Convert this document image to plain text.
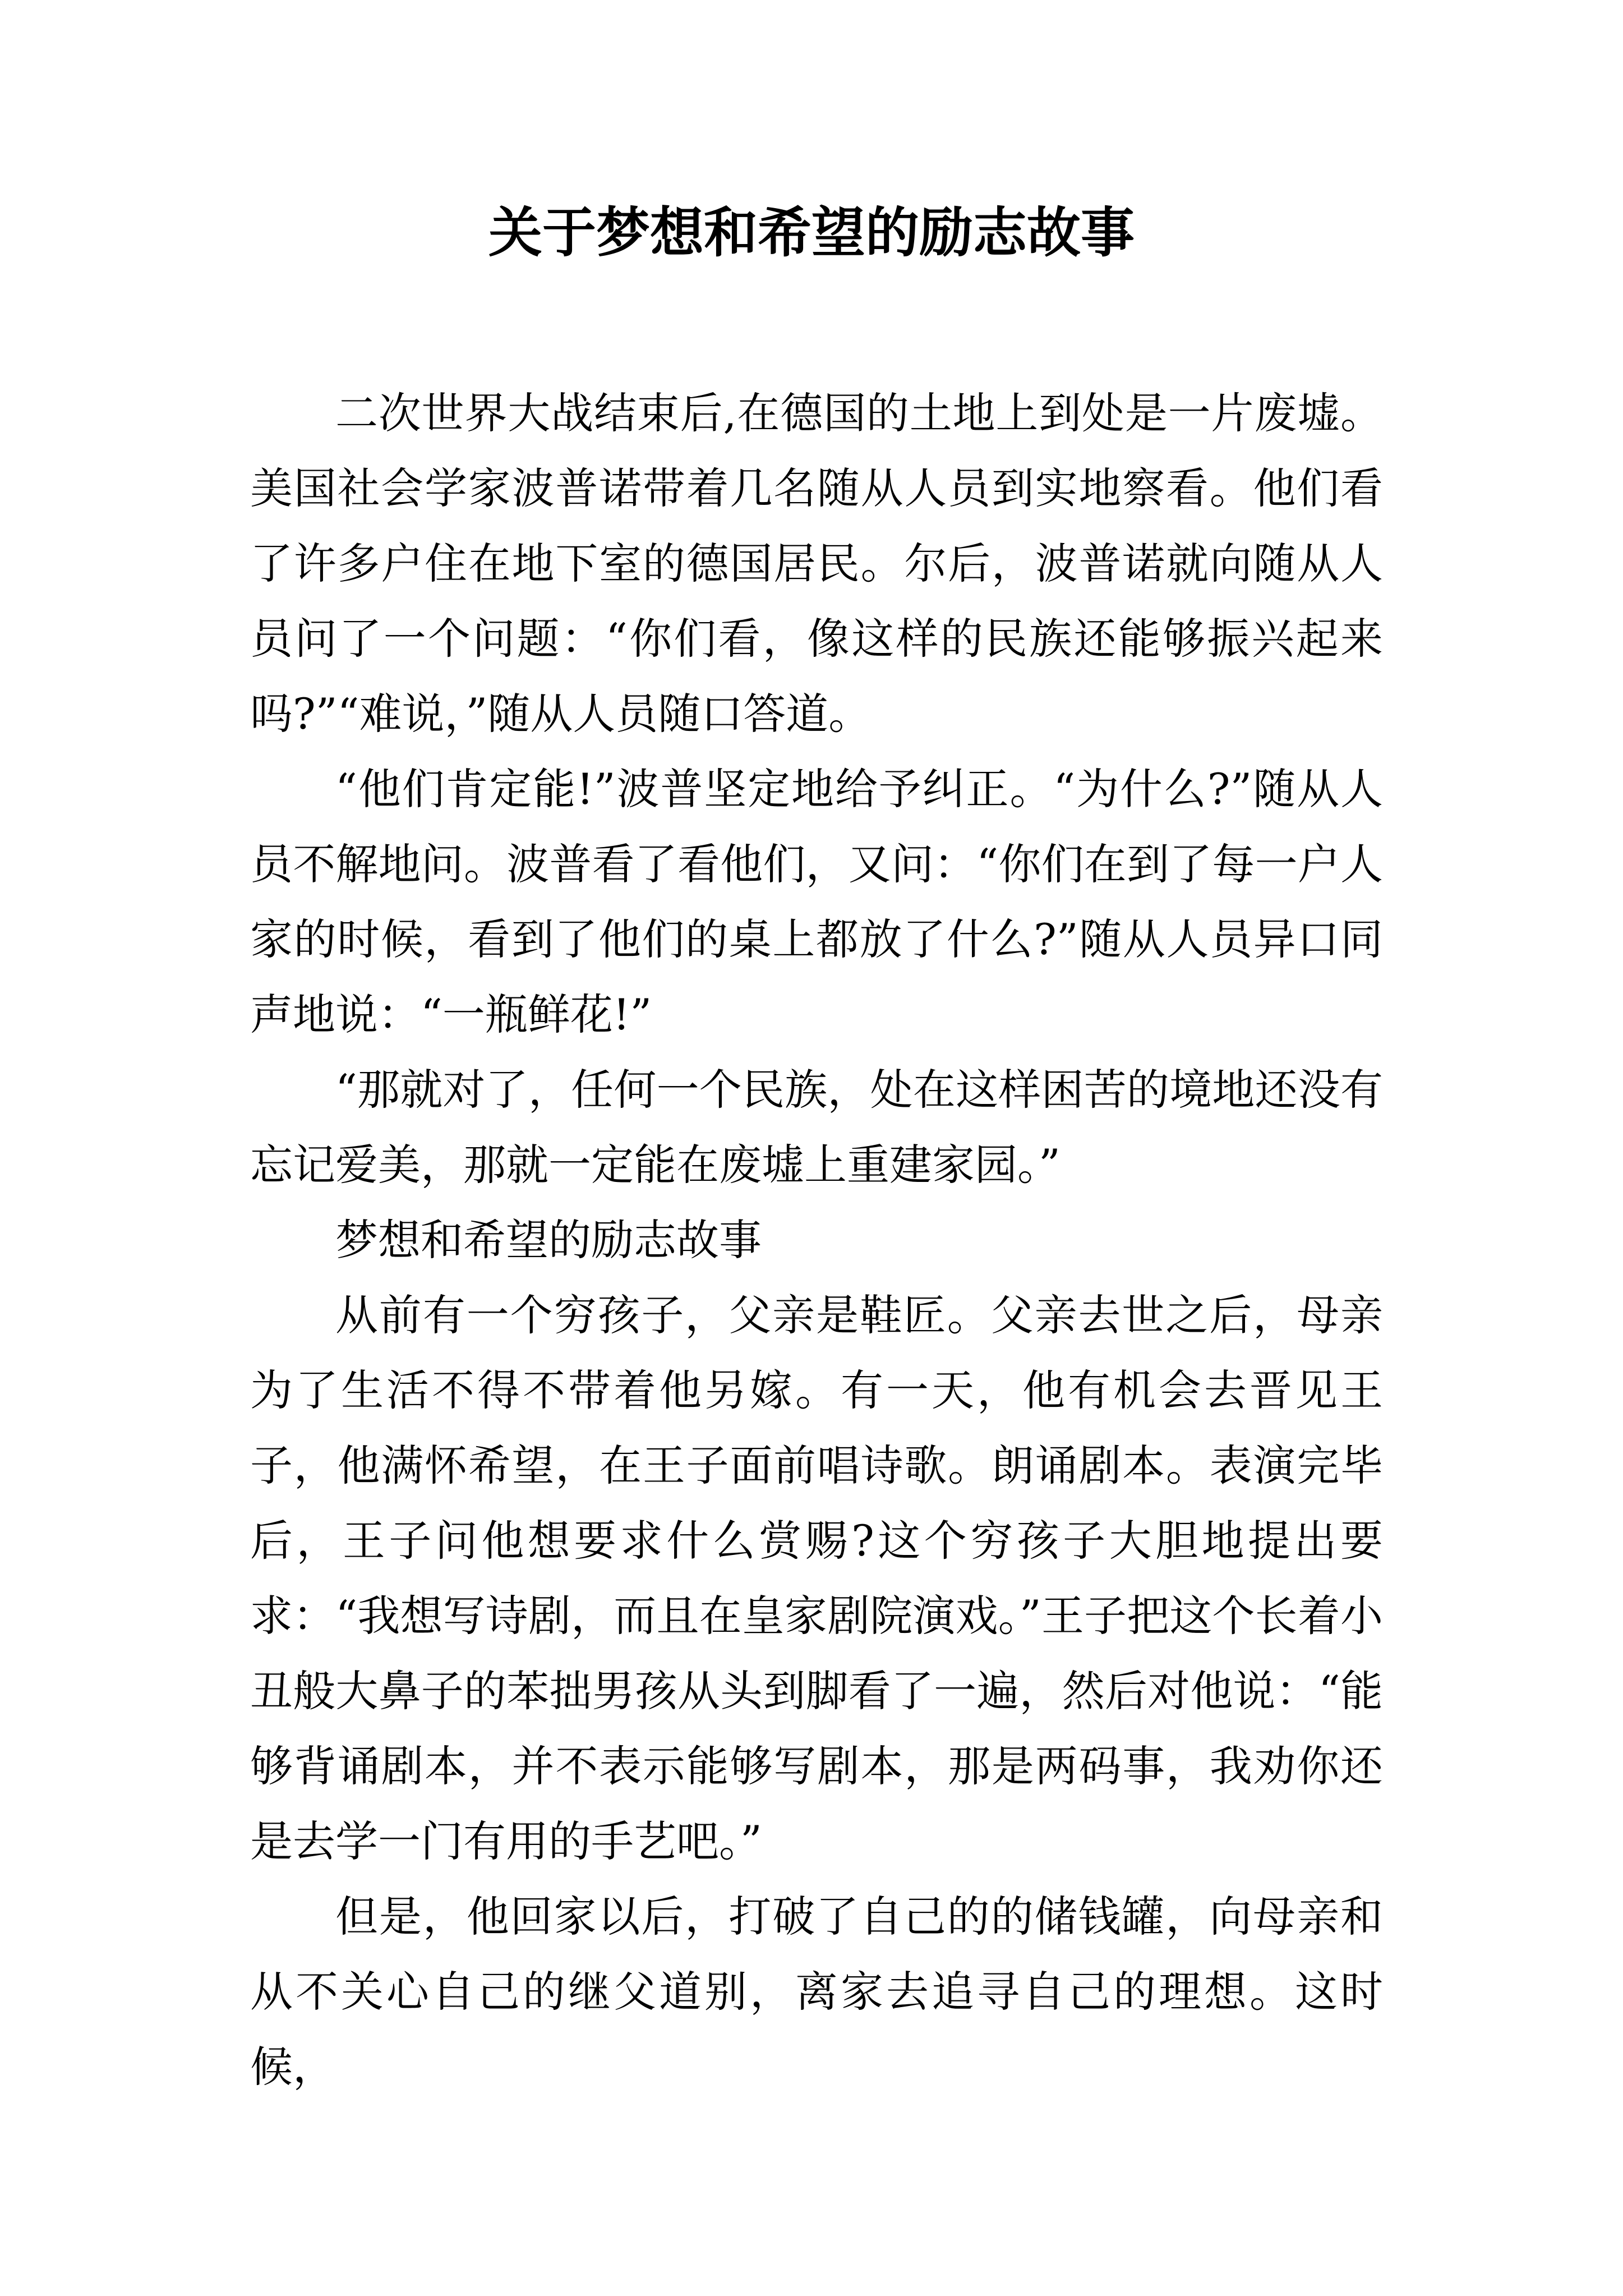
关于梦想和希望的励志故事

二次世界大战结束后,在德国的土地上到处是一片废墟。美国社会学家波普诺带着几名随从人员到实地察看。他们看了许多户住在地下室的德国居民。尔后，波普诺就向随从人员问了一个问题：“你们看，像这样的民族还能够振兴起来吗?”“难说，”随从人员随口答道。

“他们肯定能!”波普坚定地给予纠正。“为什么?”随从人员不解地问。波普看了看他们，又问：“你们在到了每一户人家的时候，看到了他们的桌上都放了什么?”随从人员异口同声地说：“一瓶鲜花!”

“那就对了，任何一个民族，处在这样困苦的境地还没有忘记爱美，那就一定能在废墟上重建家园。”

梦想和希望的励志故事

从前有一个穷孩子，父亲是鞋匠。父亲去世之后，母亲为了生活不得不带着他另嫁。有一天，他有机会去晋见王子，他满怀希望，在王子面前唱诗歌。朗诵剧本。表演完毕后，王子问他想要求什么赏赐?这个穷孩子大胆地提出要求：“我想写诗剧，而且在皇家剧院演戏。”王子把这个长着小丑般大鼻子的苯拙男孩从头到脚看了一遍，然后对他说：“能够背诵剧本，并不表示能够写剧本，那是两码事，我劝你还是去学一门有用的手艺吧。”

但是，他回家以后，打破了自己的的储钱罐，向母亲和从不关心自己的继父道别，离家去追寻自己的理想。这时候，
